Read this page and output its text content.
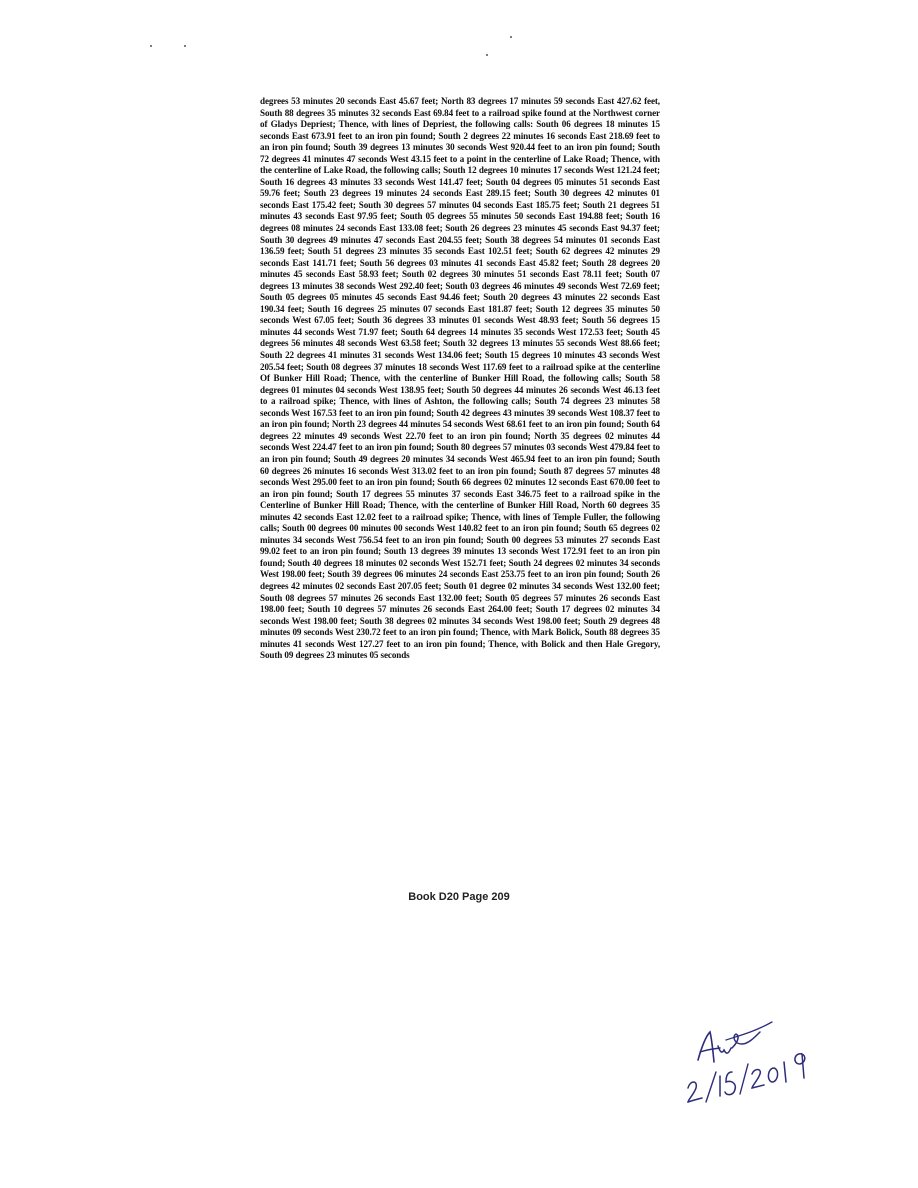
degrees 53 minutes 20 seconds East 45.67 feet; North 83 degrees 17 minutes 59 seconds East 427.62 feet, South 88 degrees 35 minutes 32 seconds East 69.84 feet to a railroad spike found at the Northwest corner of Gladys Depriest; Thence, with lines of Depriest, the following calls: South 06 degrees 18 minutes 15 seconds East 673.91 feet to an iron pin found; South 2 degrees 22 minutes 16 seconds East 218.69 feet to an iron pin found; South 39 degrees 13 minutes 30 seconds West 920.44 feet to an iron pin found; South 72 degrees 41 minutes 47 seconds West 43.15 feet to a point in the centerline of Lake Road; Thence, with the centerline of Lake Road, the following calls; South 12 degrees 10 minutes 17 seconds West 121.24 feet; South 16 degrees 43 minutes 33 seconds West 141.47 feet; South 04 degrees 05 minutes 51 seconds East 59.76 feet; South 23 degrees 19 minutes 24 seconds East 289.15 feet; South 30 degrees 42 minutes 01 seconds East 175.42 feet; South 30 degrees 57 minutes 04 seconds East 185.75 feet; South 21 degrees 51 minutes 43 seconds East 97.95 feet; South 05 degrees 55 minutes 50 seconds East 194.88 feet; South 16 degrees 08 minutes 24 seconds East 133.08 feet; South 26 degrees 23 minutes 45 seconds East 94.37 feet; South 30 degrees 49 minutes 47 seconds East 204.55 feet; South 38 degrees 54 minutes 01 seconds East 136.59 feet; South 51 degrees 23 minutes 35 seconds East 102.51 feet; South 62 degrees 42 minutes 29 seconds East 141.71 feet; South 56 degrees 03 minutes 41 seconds East 45.82 feet; South 28 degrees 20 minutes 45 seconds East 58.93 feet; South 02 degrees 30 minutes 51 seconds East 78.11 feet; South 07 degrees 13 minutes 38 seconds West 292.40 feet; South 03 degrees 46 minutes 49 seconds West 72.69 feet; South 05 degrees 05 minutes 45 seconds East 94.46 feet; South 20 degrees 43 minutes 22 seconds East 190.34 feet; South 16 degrees 25 minutes 07 seconds East 181.87 feet; South 12 degrees 35 minutes 50 seconds West 67.05 feet; South 36 degrees 33 minutes 01 seconds West 48.93 feet; South 56 degrees 15 minutes 44 seconds West 71.97 feet; South 64 degrees 14 minutes 35 seconds West 172.53 feet; South 45 degrees 56 minutes 48 seconds West 63.58 feet; South 32 degrees 13 minutes 55 seconds West 88.66 feet; South 22 degrees 41 minutes 31 seconds West 134.06 feet; South 15 degrees 10 minutes 43 seconds West 205.54 feet; South 08 degrees 37 minutes 18 seconds West 117.69 feet to a railroad spike at the centerline Of Bunker Hill Road; Thence, with the centerline of Bunker Hill Road, the following calls; South 58 degrees 01 minutes 04 seconds West 138.95 feet; South 50 degrees 44 minutes 26 seconds West 46.13 feet to a railroad spike; Thence, with lines of Ashton, the following calls; South 74 degrees 23 minutes 58 seconds West 167.53 feet to an iron pin found; South 42 degrees 43 minutes 39 seconds West 108.37 feet to an iron pin found; North 23 degrees 44 minutes 54 seconds West 68.61 feet to an iron pin found; South 64 degrees 22 minutes 49 seconds West 22.70 feet to an iron pin found; North 35 degrees 02 minutes 44 seconds West 224.47 feet to an iron pin found; South 80 degrees 57 minutes 03 seconds West 479.84 feet to an iron pin found; South 49 degrees 20 minutes 34 seconds West 465.94 feet to an iron pin found; South 60 degrees 26 minutes 16 seconds West 313.02 feet to an iron pin found; South 87 degrees 57 minutes 48 seconds West 295.00 feet to an iron pin found; South 66 degrees 02 minutes 12 seconds East 670.00 feet to an iron pin found; South 17 degrees 55 minutes 37 seconds East 346.75 feet to a railroad spike in the Centerline of Bunker Hill Road; Thence, with the centerline of Bunker Hill Road, North 60 degrees 35 minutes 42 seconds East 12.02 feet to a railroad spike; Thence, with lines of Temple Fuller, the following calls; South 00 degrees 00 minutes 00 seconds West 140.82 feet to an iron pin found; South 65 degrees 02 minutes 34 seconds West 756.54 feet to an iron pin found; South 00 degrees 53 minutes 27 seconds East 99.02 feet to an iron pin found; South 13 degrees 39 minutes 13 seconds West 172.91 feet to an iron pin found; South 40 degrees 18 minutes 02 seconds West 152.71 feet; South 24 degrees 02 minutes 34 seconds West 198.00 feet; South 39 degrees 06 minutes 24 seconds East 253.75 feet to an iron pin found; South 26 degrees 42 minutes 02 seconds East 207.05 feet; South 01 degree 02 minutes 34 seconds West 132.00 feet; South 08 degrees 57 minutes 26 seconds East 132.00 feet; South 05 degrees 57 minutes 26 seconds East 198.00 feet; South 10 degrees 57 minutes 26 seconds East 264.00 feet; South 17 degrees 02 minutes 34 seconds West 198.00 feet; South 38 degrees 02 minutes 34 seconds West 198.00 feet; South 29 degrees 48 minutes 09 seconds West 230.72 feet to an iron pin found; Thence, with Mark Bolick, South 88 degrees 35 minutes 41 seconds West 127.27 feet to an iron pin found; Thence, with Bolick and then Hale Gregory, South 09 degrees 23 minutes 05 seconds

Book D20 Page 209
